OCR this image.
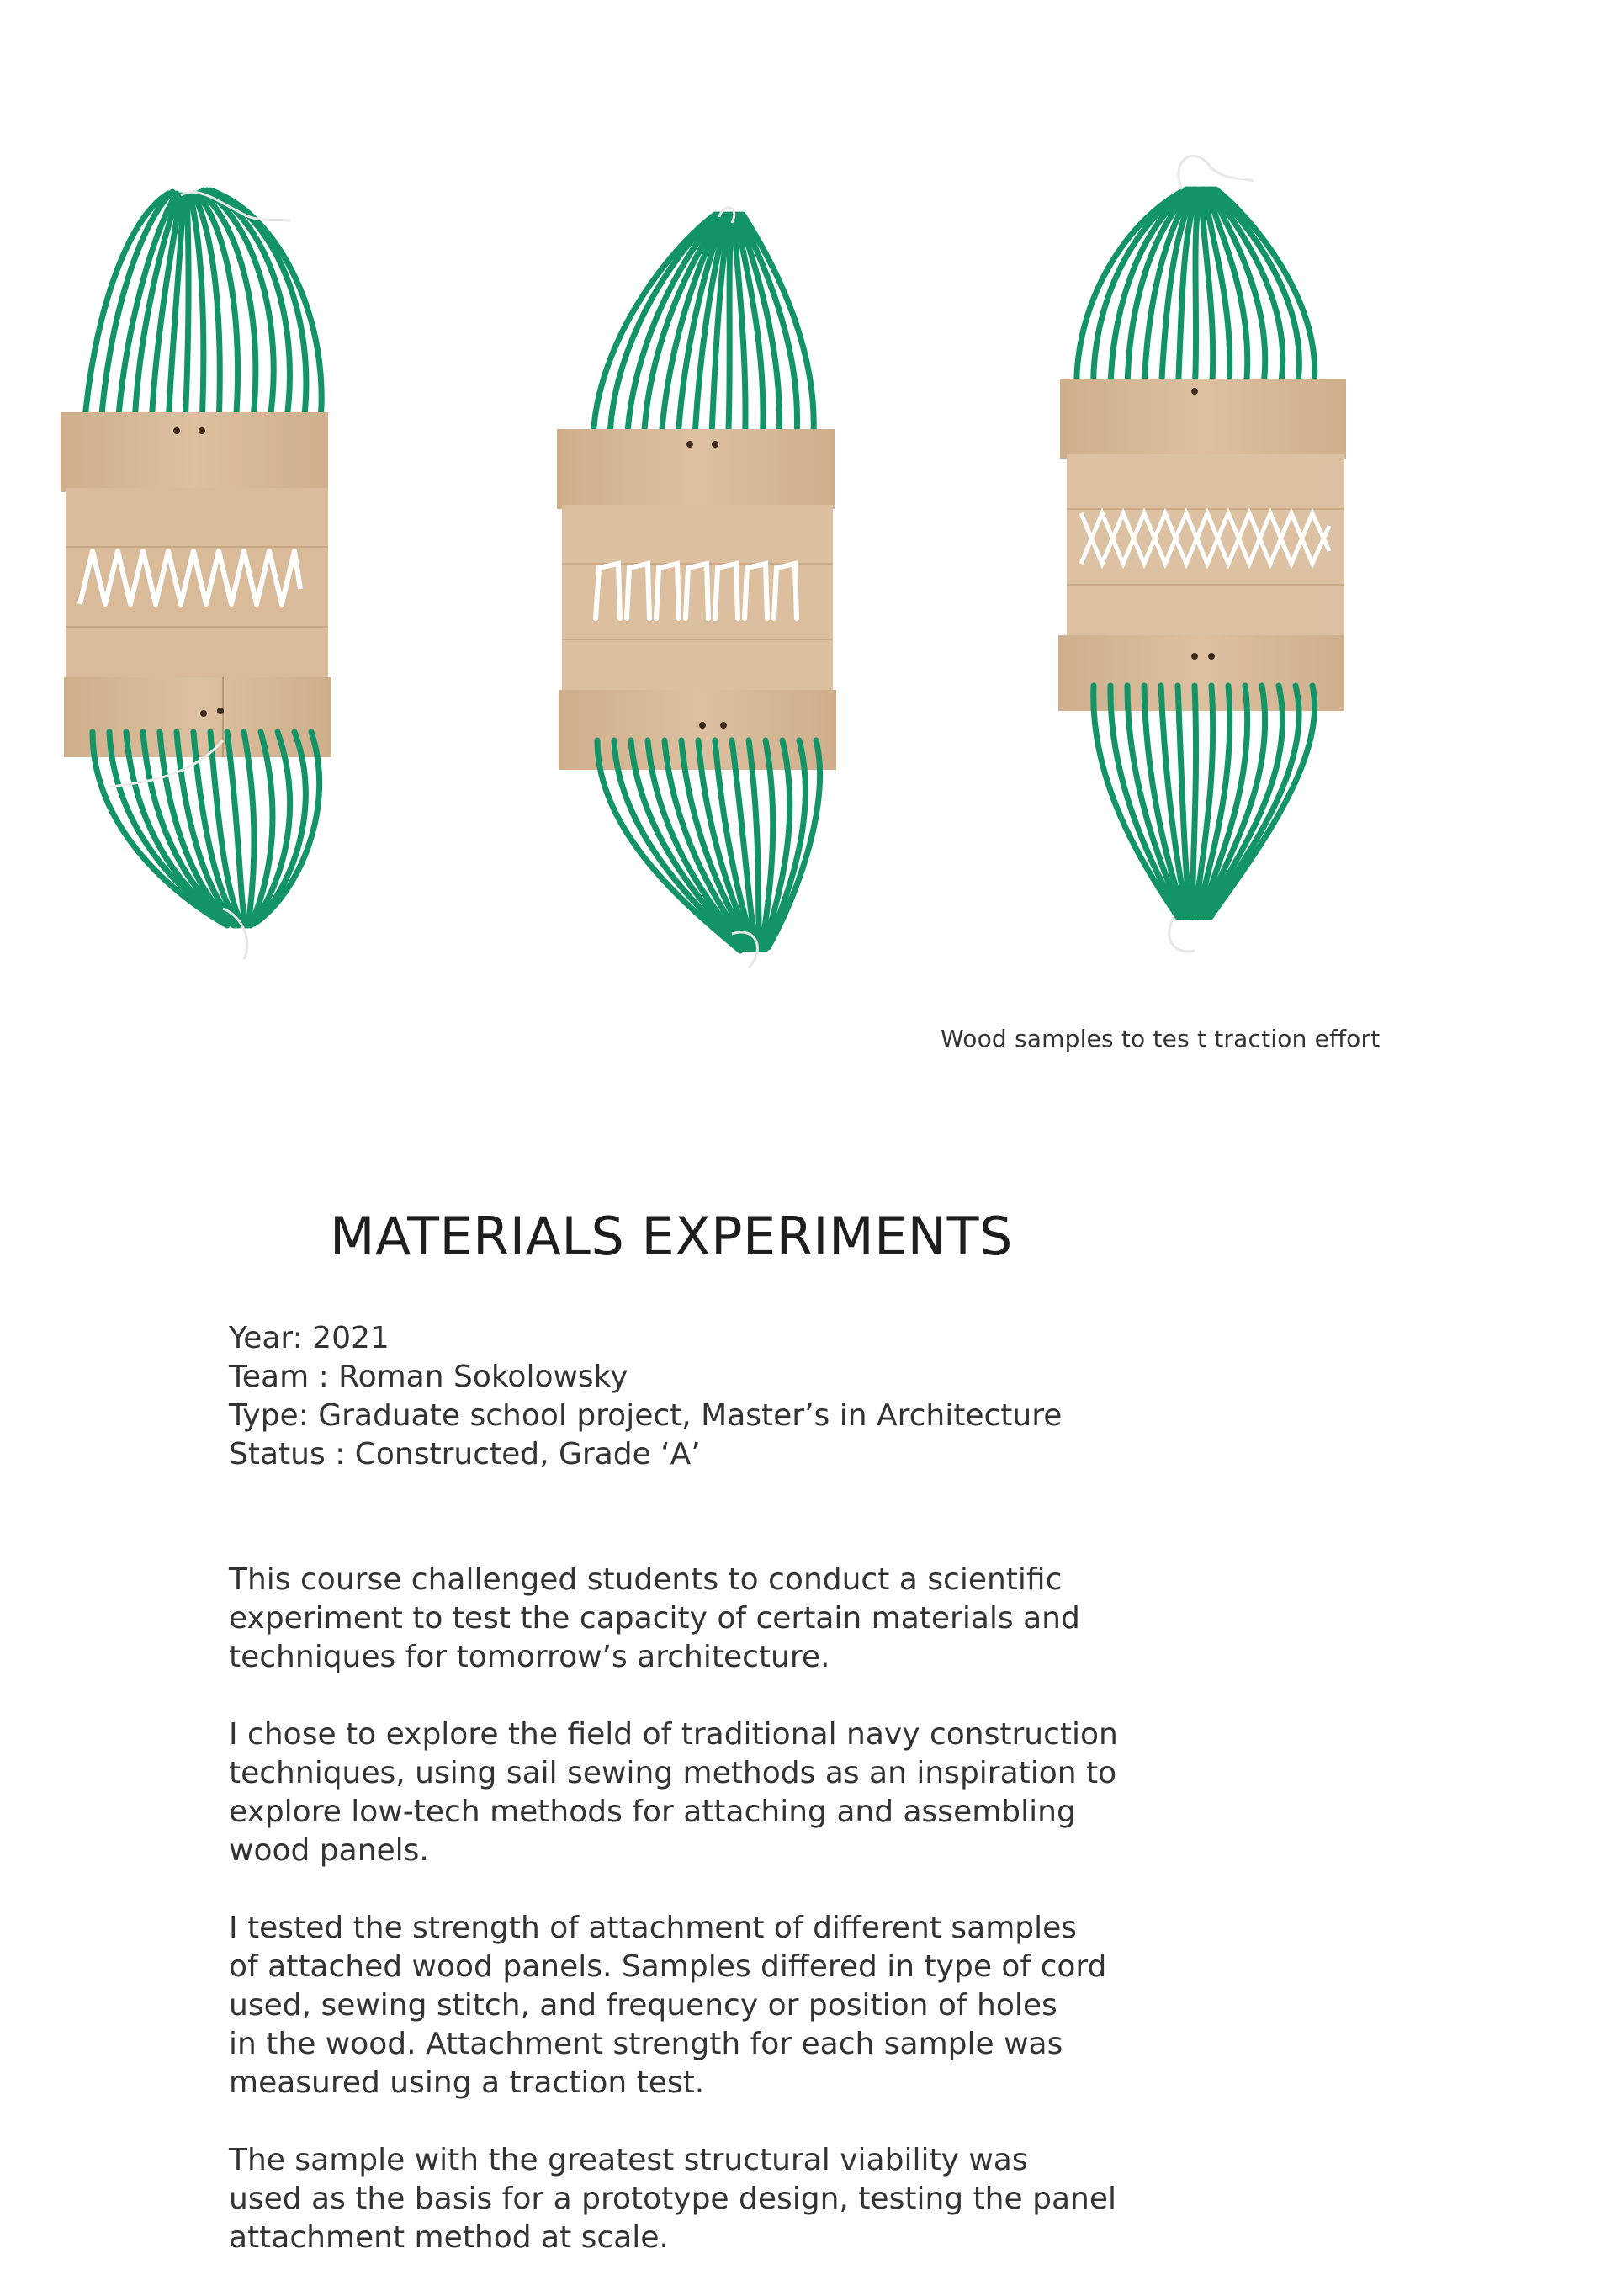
Wood samples to tes t traction effort
MATERIALS EXPERIMENTS
Year: 2021
Team : Roman Sokolowsky
Type: Graduate school project, Master’s in Architecture
Status : Constructed, Grade ‘A’

This course challenged students to conduct a scientific
experiment to test the capacity of certain materials and
techniques for tomorrow’s architecture.

I chose to explore the field of traditional navy construction
techniques, using sail sewing methods as an inspiration to
explore low-tech methods for attaching and assembling
wood panels.

I tested the strength of attachment of different samples
of attached wood panels. Samples differed in type of cord
used, sewing stitch, and frequency or position of holes
in the wood. Attachment strength for each sample was
measured using a traction test.

The sample with the greatest structural viability was
used as the basis for a prototype design, testing the panel
attachment method at scale.
